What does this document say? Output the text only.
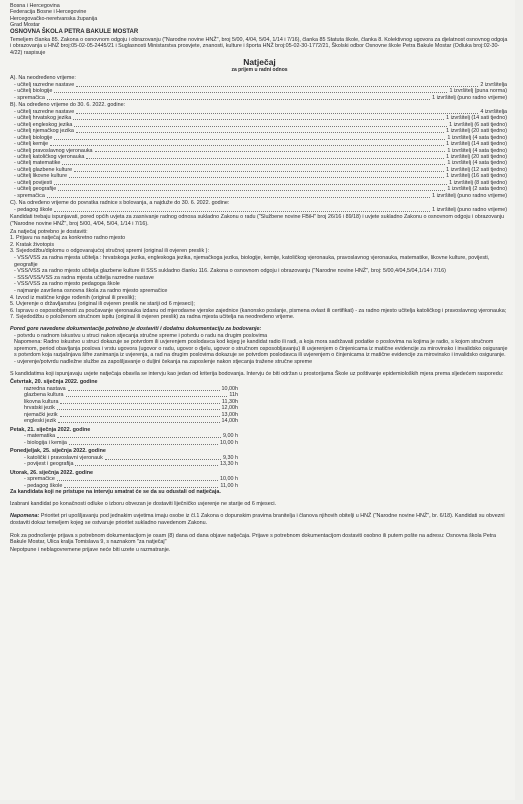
Bosna i Hercegovina
Federacija Bosne i Hercegovine
Hercegovačko-neretvanska županija
Grad Mostar
OSNOVNA ŠKOLA PETRA BAKULE MOSTAR
Temeljem članka 85. Zakona o osnovnom odgoju i obrazovanju ("Narodne novine HNŽ", broj 5/00, 4/04, 5/04, 1/14 i 7/16), članka 85 Statuta škole, članka 8. Kolektivnog ugovora za djelatnost osnovnog odgoja i obrazovanja u HNŽ broj:05-02-05-2445/21 i Suglasnosti Ministarstva prosvjete, znanosti, kulture i športa HNŽ broj:05-02-30-1772/21, Školski odbor Osnovne škole Petra Bakule Mostar (Odluka broj:02-30-4/22) raspisuje
Natječaj
za prijem u radni odnos
A). Na neodređeno vrijeme:
- učitelj razredne nastave	2 izvršitelja
- učitelj biologije	1 izvršitelj (puna norma)
- spremačica	1 izvršitelj (puno radno vrijeme)
B). Na određeno vrijeme do 30. 6. 2022. godine:
- učitelj razredne nastave	4 izvršitelja
- učitelj hrvatskog jezika	1 izvršitelj (14 sati tjedno)
- učitelj engleskog jezika	1 izvršitelj (6 sati tjedno)
- učitelj njemačkog jezika	1 izvršitelj (20 sati tjedno)
- učitelj biologije	1 izvršitelj (4 sata tjedno)
- učitelj kemije	1 izvršitelj (14 sati tjedno)
- učitelj pravoslavnog vjeronauka	1 izvršitelj (4 sata tjedno)
- učitelj katoličkog vjeronauka	1 izvršitelj (20 sati tjedno)
- učitelj matematike	1 izvršitelj (4 sata tjedno)
- učitelj glazbene kulture	1 izvršitelj (12 sati tjedno)
- učitelj likovne kulture	1 izvršitelj (16 sati tjedno)
- učitelj povijesti	1 izvršitelj (8 sati tjedno)
- učitelj geografije	1 izvršitelj (2 sata tjedno)
- spremačica	1 izvršitelj (puno radno vrijeme)
C). Na određeno vrijeme do povratka radnice s bolovanja, a najduže do 30. 6. 2022. godine:
- pedagog škole	1 izvršitelj (puno radno vrijeme)
Kandidati trebaju ispunjavati, pored općih uvjeta za zasnivanje radnog odnosa sukladno Zakonu o radu ("Službene novine FBiH" broj 26/16 i 89/18) i uvjete sukladno Zakonu o osnovnom odgoju i obrazovanju ("Narodne novine HNŽ", broj 5/00, 4/04, 5/04, 1/14 i 7/16).
Za natječaj potrebno je dostaviti:
1. Prijavu na natječaj za konkretno radno mjesto
2. Kratak životopis
3. Svjedodžbu/diplomu o odgovarajućoj stručnoj spremi (original ili ovjeren preslik ):
- VSS/VSS za radna mjesta učitelja : hrvatskoga jezika, engleskoga jezika, njemačkoga jezika, biologije, kemije, katoličkog vjeronauka, pravoslavnog vjeronauka, matematike, likovne kulture, povijesti, geografije
- VSS/VSS za radno mjesto učitelja glazbene kulture ili SSS sukladno članku 116. Zakona o osnovnom odgoju i obrazovanju ("Narodne novine HNŽ", broj: 5/00,4/04,5/04,1/14 i 7/16)
- SSS/VSS/VSS za radna mjesta učitelja razredne nastave
- VSS/VSS za radno mjesto pedagoga škole
- najmanje završena osnovna škola za radno mjesto spremačice
4. Izvod iz matične knjige rođenih (original ili preslik);
5. Uvjerenje o državljanstvu (original ili ovjeren preslik ne stariji od 6 mjeseci);
6. Ispravu o osposobljenosti za poučavanje vjeronauka izdanu od mjerodavne vjerske zajednice (kanonsko poslanje, pismena ovlast ili certifikat) - za radno mjesto učitelja katoličkog i pravoslavnog vjeronauka;
7. Svjedodžbu o položenom stručnom ispitu (original ili ovjeren preslik) za radna mjesta učitelja na neodređeno vrijeme.
Pored gore navedene dokumentacije potrebno je dostaviti i dodatnu dokumentaciju za bodovanje:
- potvrdu o radnom iskustvu u struci nakon stjecanja stručne spreme i potvrdu o radu na drugim poslovima
Napomena: Radno iskustvo u struci dokazuje se potvrdom ili uvjerenjem poslodavca kod kojeg je kandidat radio ili radi, a koja mora sadržavati podatke o poslovima na kojima je radio, s kojom stručnom spremom, period obavljanja poslova i vrstu ugovora (ugovor o radu, ugovor o djelu, ugovor o stručnom osposobljavanju) ili uvjerenjem o činjenicama iz matične evidencije za mirovinsko i invalidsko osiguranje s potvrdom koja razjašnjava šifre zanimanja iz uvjerenja, a rad na drugim poslovima dokazuje se potvrdom poslodavca ili uvjerenjem o činjenicama iz matične evidencije za mirovinsko i invalidsko osiguranje.
- uvjerenje/potvrdu nadležne službe za zapošljavanje o duljini čekanja na zaposlenje nakon stjecanja tražene stručne spreme
S kandidatima koji ispunjavaju uvjete natječaja obavila se intervju kao jedan od kriterija bodovanja. Intervju će biti održan u prostorijama Škole uz poštivanje epidemioloških mjera prema sljedećem rasporedu:
Četvrtak, 20. siječnja 2022. godine
razredna nastava	10,00h
glazbena kultura	11h
likovna kultura	11,30h
hrvatski jezik	12,00h
njemački jezik	13,00h
engleski jezik	14,00h
Petak, 21. siječnja 2022. godine
- matematika	9,00 h
- biologija i kemija	10,00 h
Ponedjeljak, 25. siječnja 2022. godine
- katolički i pravoslavni vjeronauk	9,30 h
- povijest i geografija	13,30 h
Utorak, 26. siječnja 2022. godine
- spremačice	10,00 h
- pedagog škole	11,00 h
Za kandidata koji ne pristupe na intervju smatrat će se da su odustali od natječaja.
Izabrani kandidat po konačnosti odluke o izboru obvezan je dostaviti liječničko uvjerenje ne starije od 6 mjeseci.
Napomena: Prioritet pri upošljavanju pod jednakim uvjetima imaju osobe iz čl.1 Zakona o dopunskim pravima branitelja i članova njihovih obitelji u HNŽ ("Narodne novine HNŽ", br. 6/18). Kandidati su obvezni dostaviti dokaz temeljem kojeg se ostvaruje prioritet sukladno navedenom Zakonu.
Rok za podnošenje prijava s potrebnom dokumentacijom je osam (8) dana od dana objave natječaja. Prijave s potrebnom dokumentacijom dostaviti osobno ili putem pošte na adresu: Osnovna škola Petra Bakule Mostar, Ulica kralja Tomislava 9, s naznakom "za natječaj"
Nepotpune i neblagovremene prijave neće biti uzete u razmatranje.
